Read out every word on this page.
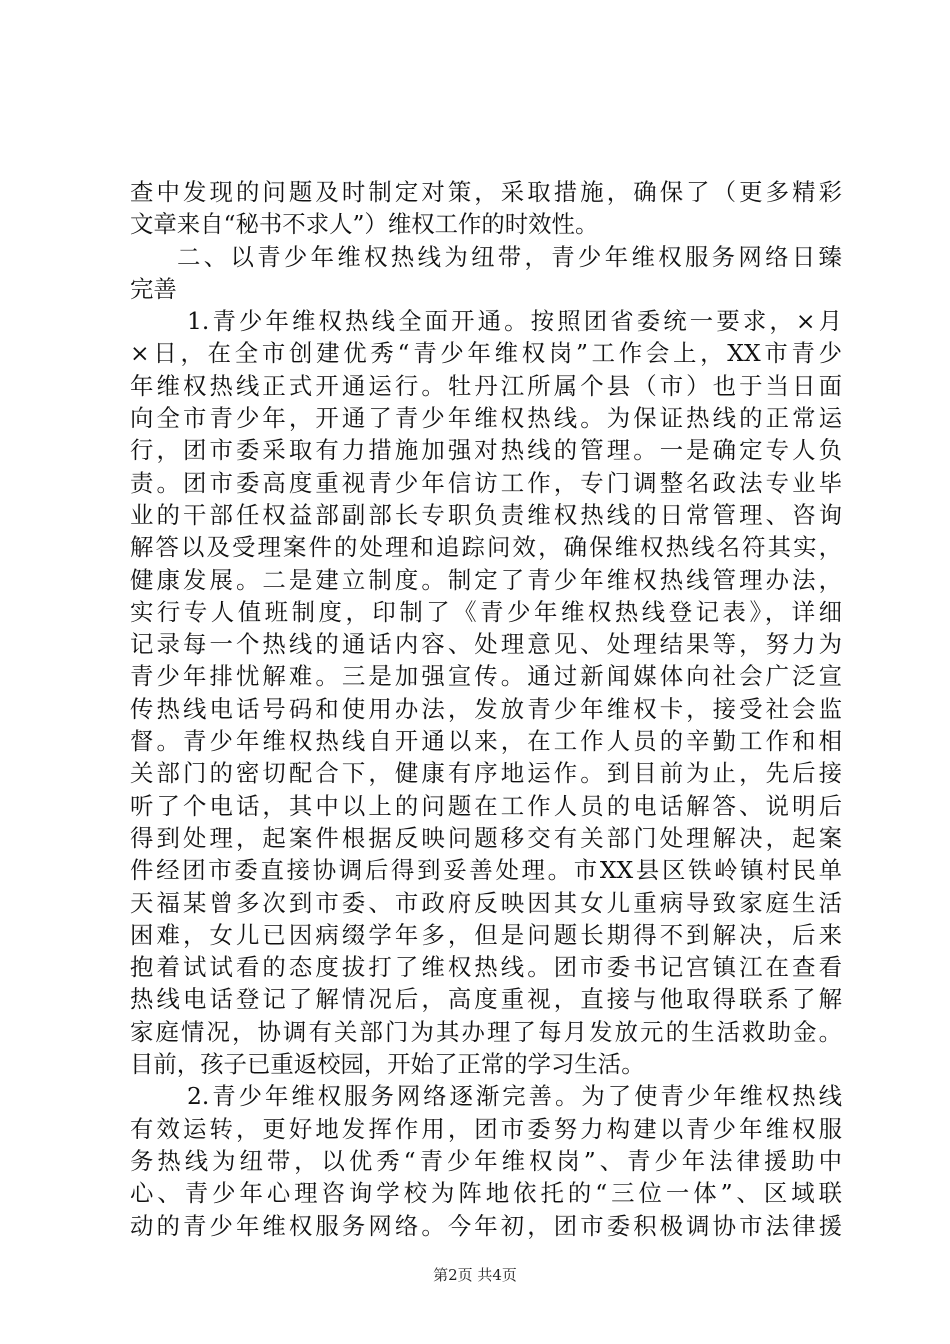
查中发现的问题及时制定对策，采取措施，确保了（更多精彩
文章来自“秘书不求人”）维权工作的时效性。
二、以青少年维权热线为纽带，青少年维权服务网络日臻
完善
1.青少年维权热线全面开通。按照团省委统一要求，×月
×日，在全市创建优秀“青少年维权岗”工作会上，XX市青少
年维权热线正式开通运行。牡丹江所属个县（市）也于当日面
向全市青少年，开通了青少年维权热线。为保证热线的正常运
行，团市委采取有力措施加强对热线的管理。一是确定专人负
责。团市委高度重视青少年信访工作，专门调整名政法专业毕
业的干部任权益部副部长专职负责维权热线的日常管理、咨询
解答以及受理案件的处理和追踪问效，确保维权热线名符其实，
健康发展。二是建立制度。制定了青少年维权热线管理办法，
实行专人值班制度，印制了《青少年维权热线登记表》，详细
记录每一个热线的通话内容、处理意见、处理结果等，努力为
青少年排忧解难。三是加强宣传。通过新闻媒体向社会广泛宣
传热线电话号码和使用办法，发放青少年维权卡，接受社会监
督。青少年维权热线自开通以来，在工作人员的辛勤工作和相
关部门的密切配合下，健康有序地运作。到目前为止，先后接
听了个电话，其中以上的问题在工作人员的电话解答、说明后
得到处理，起案件根据反映问题移交有关部门处理解决，起案
件经团市委直接协调后得到妥善处理。市XX县区铁岭镇村民单
天福某曾多次到市委、市政府反映因其女儿重病导致家庭生活
困难，女儿已因病缀学年多，但是问题长期得不到解决，后来
抱着试试看的态度拔打了维权热线。团市委书记宫镇江在查看
热线电话登记了解情况后，高度重视，直接与他取得联系了解
家庭情况，协调有关部门为其办理了每月发放元的生活救助金。
目前，孩子已重返校园，开始了正常的学习生活。
2.青少年维权服务网络逐渐完善。为了使青少年维权热线
有效运转，更好地发挥作用，团市委努力构建以青少年维权服
务热线为纽带，以优秀“青少年维权岗”、青少年法律援助中
心、青少年心理咨询学校为阵地依托的“三位一体”、区域联
动的青少年维权服务网络。今年初，团市委积极调协市法律援
第2页 共4页
